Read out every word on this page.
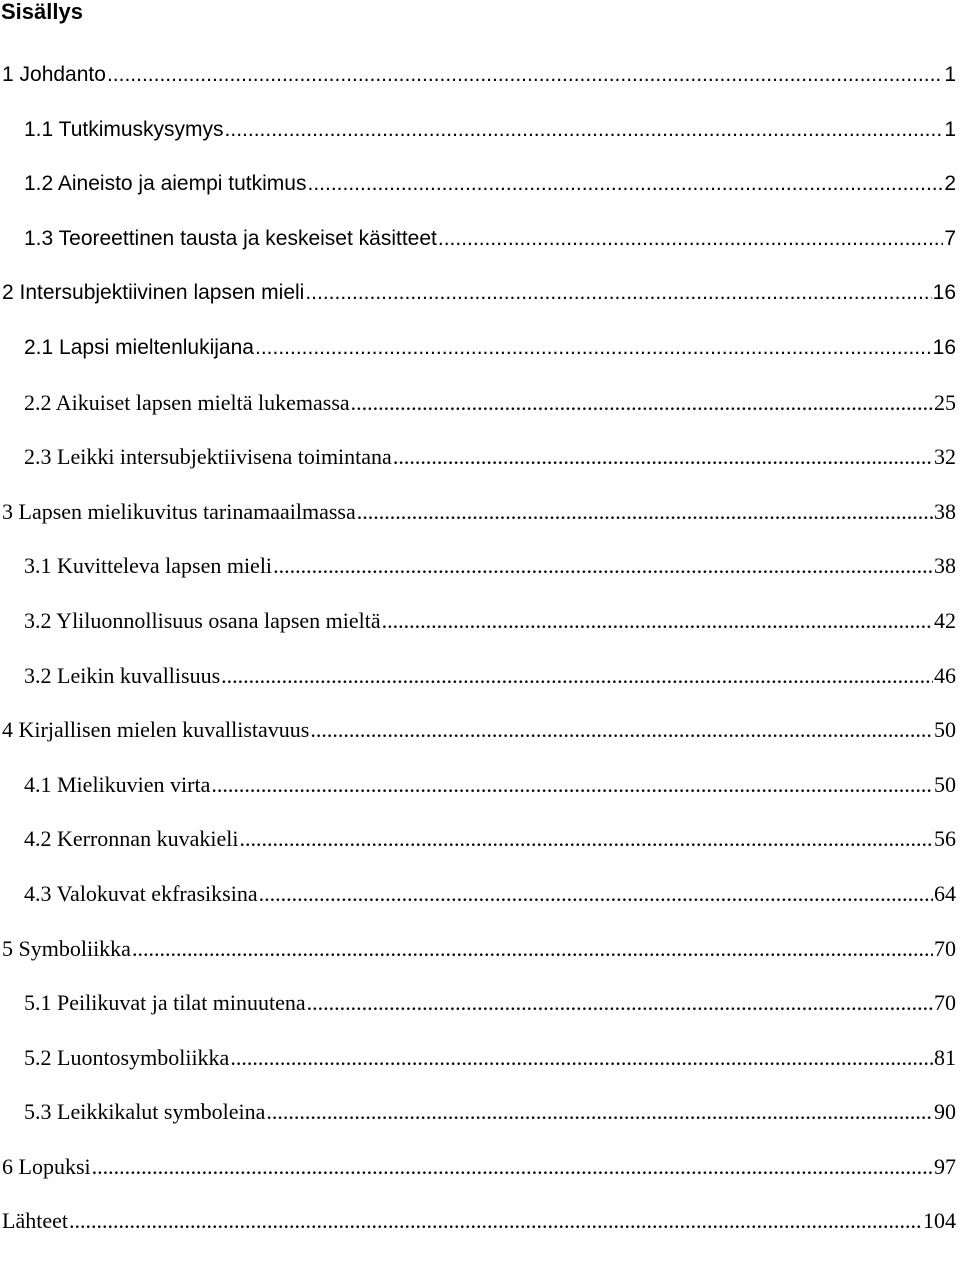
Sisällys
1 Johdanto .....	1
1.1 Tutkimuskysymys .....	1
1.2 Aineisto ja aiempi tutkimus .....	2
1.3 Teoreettinen tausta ja keskeiset käsitteet .....	7
2 Intersubjektiivinen lapsen mieli .....	16
2.1 Lapsi mieltenlukijana .....	16
2.2 Aikuiset lapsen mieltä lukemassa .....	25
2.3 Leikki intersubjektiivisena toimintana .....	32
3 Lapsen mielikuvitus tarinamaailmassa .....	38
3.1 Kuvitteleva lapsen mieli .....	38
3.2 Yliluonnollisuus osana lapsen mieltä .....	42
3.2 Leikin kuvallisuus .....	46
4 Kirjallisen mielen kuvallistavuus .....	50
4.1 Mielikuvien virta .....	50
4.2 Kerronnan kuvakieli .....	56
4.3 Valokuvat ekfrasiksina .....	64
5 Symboliikka .....	70
5.1 Peilikuvat ja tilat minuutena .....	70
5.2 Luontosymboliikka .....	81
5.3 Leikkikalut symboleina .....	90
6 Lopuksi .....	97
Lähteet .....	104
